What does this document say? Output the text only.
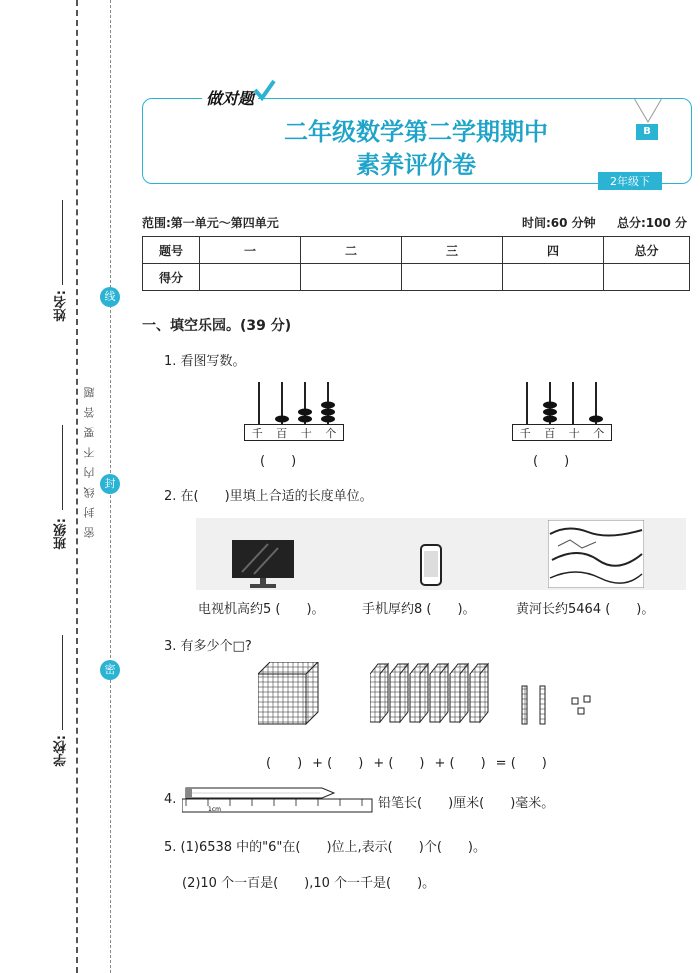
姓名:
班级:
学校:
线
封
密
密封线内不要答题
做对题
二年级数学第二学期期中
素养评价卷
B
2年级下
范围:第一单元～第四单元	时间:60 分钟 总分:100 分
题号	一	二	三	四	总分
得分					
一、填空乐园。(39 分)
1. 看图写数。
千	百	十	个
(　　)
千	百	十	个
(　　)
2. 在(　　)里填上合适的长度单位。
电视机高约5 (　　)。	手机厚约8 (　　)。	黄河长约5464 (　　)。
3. 有多少个□?
(　　) + (　　) + (　　) + (　　) = (　　)
4.
1cm	铅笔长(　　)厘米(　　)毫米。
5. (1)6538 中的"6"在(　　)位上,表示(　　)个(　　)。
(2)10 个一百是(　　),10 个一千是(　　)。
